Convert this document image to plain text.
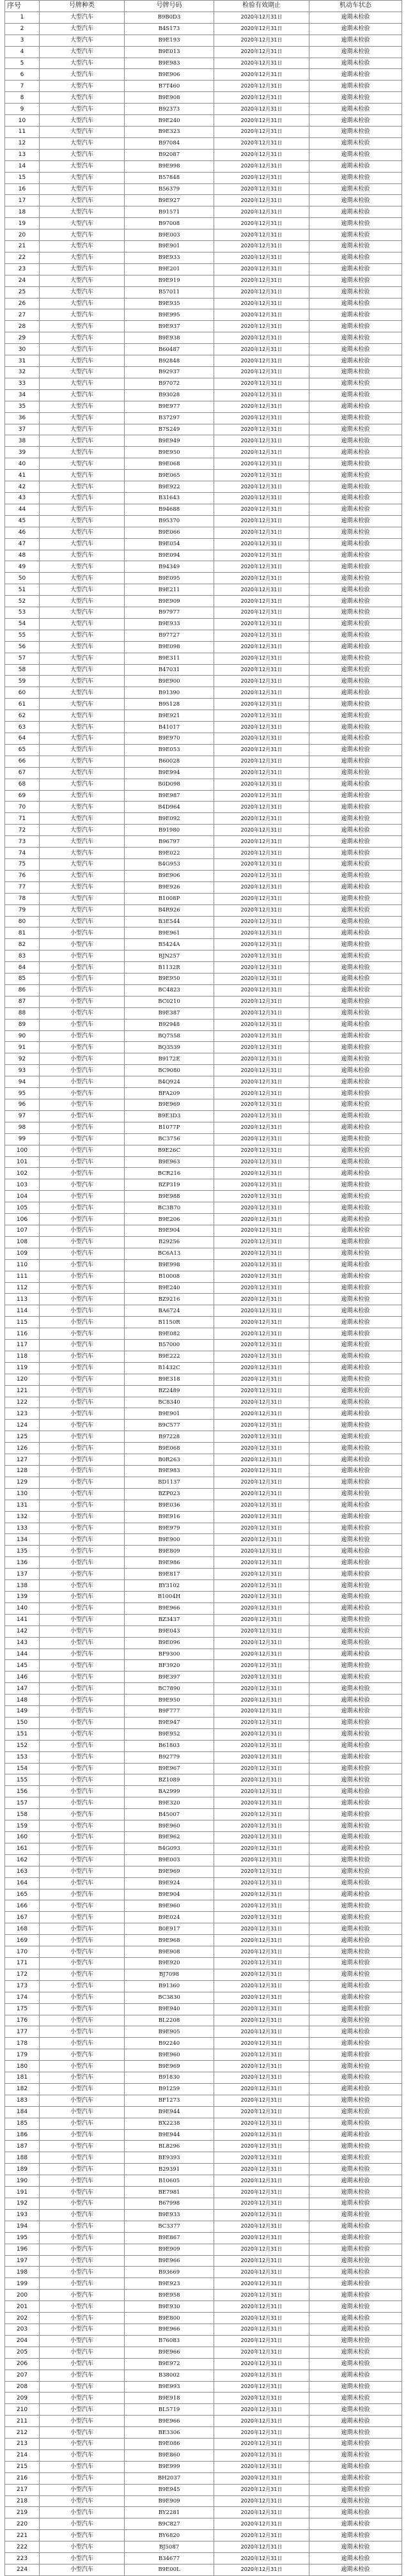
序号	号牌种类	号牌号码	检验有效期止	机动车状态
1	大型汽车	B9B0D3	2020年12月31日	逾期未检验
2	大型汽车	B4S173	2020年12月31日	逾期未检验
3	大型汽车	B9E193	2020年12月31日	逾期未检验
4	大型汽车	B9E013	2020年12月31日	逾期未检验
5	大型汽车	B9E983	2020年12月31日	逾期未检验
6	大型汽车	B9E906	2020年12月31日	逾期未检验
7	大型汽车	B7T460	2020年12月31日	逾期未检验
8	大型汽车	B9E908	2020年12月31日	逾期未检验
9	大型汽车	B92373	2020年12月31日	逾期未检验
10	大型汽车	B9E240	2020年12月31日	逾期未检验
11	大型汽车	B9E323	2020年12月31日	逾期未检验
12	大型汽车	B97084	2020年12月31日	逾期未检验
13	大型汽车	B92087	2020年12月31日	逾期未检验
14	大型汽车	B9E998	2020年12月31日	逾期未检验
15	大型汽车	B57848	2020年12月31日	逾期未检验
16	大型汽车	B56379	2020年12月31日	逾期未检验
17	大型汽车	B9E927	2020年12月31日	逾期未检验
18	大型汽车	B91571	2020年12月31日	逾期未检验
19	大型汽车	B97008	2020年12月31日	逾期未检验
20	大型汽车	B9E003	2020年12月31日	逾期未检验
21	大型汽车	B9E901	2020年12月31日	逾期未检验
22	大型汽车	B9E933	2020年12月31日	逾期未检验
23	大型汽车	B9E201	2020年12月31日	逾期未检验
24	大型汽车	B9E919	2020年12月31日	逾期未检验
25	大型汽车	B57011	2020年12月31日	逾期未检验
26	大型汽车	B9E935	2020年12月31日	逾期未检验
27	大型汽车	B9E995	2020年12月31日	逾期未检验
28	大型汽车	B9E937	2020年12月31日	逾期未检验
29	大型汽车	B9E938	2020年12月31日	逾期未检验
30	大型汽车	B60487	2020年12月31日	逾期未检验
31	大型汽车	B92848	2020年12月31日	逾期未检验
32	大型汽车	B92937	2020年12月31日	逾期未检验
33	大型汽车	B97072	2020年12月31日	逾期未检验
34	大型汽车	B93028	2020年12月31日	逾期未检验
35	大型汽车	B9E977	2020年12月31日	逾期未检验
36	大型汽车	B37297	2020年12月31日	逾期未检验
37	大型汽车	B7S249	2020年12月31日	逾期未检验
38	大型汽车	B9E949	2020年12月31日	逾期未检验
39	大型汽车	B9E950	2020年12月31日	逾期未检验
40	大型汽车	B9E068	2020年12月31日	逾期未检验
41	大型汽车	B9E065	2020年12月31日	逾期未检验
42	大型汽车	B9E922	2020年12月31日	逾期未检验
43	大型汽车	B31643	2020年12月31日	逾期未检验
44	大型汽车	B94688	2020年12月31日	逾期未检验
45	大型汽车	B95370	2020年12月31日	逾期未检验
46	大型汽车	B9E066	2020年12月31日	逾期未检验
47	大型汽车	B9E054	2020年12月31日	逾期未检验
48	大型汽车	B9E094	2020年12月31日	逾期未检验
49	大型汽车	B94349	2020年12月31日	逾期未检验
50	大型汽车	B9E095	2020年12月31日	逾期未检验
51	大型汽车	B9E211	2020年12月31日	逾期未检验
52	大型汽车	B9E909	2020年12月31日	逾期未检验
53	大型汽车	B97977	2020年12月31日	逾期未检验
54	大型汽车	B9E933	2020年12月31日	逾期未检验
55	大型汽车	B97727	2020年12月31日	逾期未检验
56	大型汽车	B9E098	2020年12月31日	逾期未检验
57	大型汽车	B9E311	2020年12月31日	逾期未检验
58	大型汽车	B47031	2020年12月31日	逾期未检验
59	大型汽车	B9E900	2020年12月31日	逾期未检验
60	大型汽车	B91390	2020年12月31日	逾期未检验
61	大型汽车	B95128	2020年12月31日	逾期未检验
62	大型汽车	B9E921	2020年12月31日	逾期未检验
63	大型汽车	B41017	2020年12月31日	逾期未检验
64	大型汽车	B9E970	2020年12月31日	逾期未检验
65	大型汽车	B9E053	2020年12月31日	逾期未检验
66	大型汽车	B60028	2020年12月31日	逾期未检验
67	大型汽车	B9E994	2020年12月31日	逾期未检验
68	大型汽车	B0D098	2020年12月31日	逾期未检验
69	大型汽车	B9E987	2020年12月31日	逾期未检验
70	大型汽车	B4D964	2020年12月31日	逾期未检验
71	大型汽车	B9E092	2020年12月31日	逾期未检验
72	大型汽车	B91980	2020年12月31日	逾期未检验
73	大型汽车	B96797	2020年12月31日	逾期未检验
74	大型汽车	B9E022	2020年12月31日	逾期未检验
75	大型汽车	B4G953	2020年12月31日	逾期未检验
76	大型汽车	B9E906	2020年12月31日	逾期未检验
77	大型汽车	B9E926	2020年12月31日	逾期未检验
78	大型汽车	B1008P	2020年12月31日	逾期未检验
79	大型汽车	B4R926	2020年12月31日	逾期未检验
80	大型汽车	B3E544	2020年12月31日	逾期未检验
81	小型汽车	B9E961	2020年12月31日	逾期未检验
82	小型汽车	B5424A	2020年12月31日	逾期未检验
83	小型汽车	BJN257	2020年12月31日	逾期未检验
84	小型汽车	B1132R	2020年12月31日	逾期未检验
85	小型汽车	B9E950	2020年12月31日	逾期未检验
86	小型汽车	BC4823	2020年12月31日	逾期未检验
87	小型汽车	BC0210	2020年12月31日	逾期未检验
88	小型汽车	B9E387	2020年12月31日	逾期未检验
89	小型汽车	B92948	2020年12月31日	逾期未检验
90	小型汽车	BQ7558	2020年12月31日	逾期未检验
91	小型汽车	BQ3539	2020年12月31日	逾期未检验
92	小型汽车	B9172E	2020年12月31日	逾期未检验
93	小型汽车	BC9080	2020年12月31日	逾期未检验
94	小型汽车	B4Q924	2020年12月31日	逾期未检验
95	小型汽车	BFA209	2020年12月31日	逾期未检验
96	小型汽车	B9E969	2020年12月31日	逾期未检验
97	小型汽车	B9E3D3	2020年12月31日	逾期未检验
98	小型汽车	B1077P	2020年12月31日	逾期未检验
99	小型汽车	BC3756	2020年12月31日	逾期未检验
100	小型汽车	B9E26C	2020年12月31日	逾期未检验
101	小型汽车	B9E963	2020年12月31日	逾期未检验
102	小型汽车	BCR216	2020年12月31日	逾期未检验
103	小型汽车	BZP319	2020年12月31日	逾期未检验
104	小型汽车	B9E988	2020年12月31日	逾期未检验
105	小型汽车	BC3B70	2020年12月31日	逾期未检验
106	小型汽车	B9E206	2020年12月31日	逾期未检验
107	小型汽车	B9E904	2020年12月31日	逾期未检验
108	小型汽车	B29256	2020年12月31日	逾期未检验
109	小型汽车	BC6A13	2020年12月31日	逾期未检验
110	小型汽车	B9E998	2020年12月31日	逾期未检验
111	小型汽车	B10008	2020年12月31日	逾期未检验
112	小型汽车	B9E240	2020年12月31日	逾期未检验
113	小型汽车	BZ9216	2020年12月31日	逾期未检验
114	小型汽车	BA6724	2020年12月31日	逾期未检验
115	小型汽车	B1150R	2020年12月31日	逾期未检验
116	小型汽车	B9E082	2020年12月31日	逾期未检验
117	小型汽车	B57000	2020年12月31日	逾期未检验
118	小型汽车	B9E222	2020年12月31日	逾期未检验
119	小型汽车	B1432C	2020年12月31日	逾期未检验
120	小型汽车	B9E318	2020年12月31日	逾期未检验
121	小型汽车	BZ2489	2020年12月31日	逾期未检验
122	小型汽车	BC8340	2020年12月31日	逾期未检验
123	小型汽车	B9E901	2020年12月31日	逾期未检验
124	小型汽车	B9C577	2020年12月31日	逾期未检验
125	小型汽车	B97228	2020年12月31日	逾期未检验
126	小型汽车	B9E068	2020年12月31日	逾期未检验
127	小型汽车	B0R263	2020年12月31日	逾期未检验
128	小型汽车	B9E983	2020年12月31日	逾期未检验
129	小型汽车	BD1137	2020年12月31日	逾期未检验
130	小型汽车	BZP023	2020年12月31日	逾期未检验
131	小型汽车	B9E036	2020年12月31日	逾期未检验
132	小型汽车	B9E916	2020年12月31日	逾期未检验
133	小型汽车	B9E979	2020年12月31日	逾期未检验
134	小型汽车	B9E900	2020年12月31日	逾期未检验
135	小型汽车	B9E809	2020年12月31日	逾期未检验
136	小型汽车	B9E986	2020年12月31日	逾期未检验
137	小型汽车	B9E817	2020年12月31日	逾期未检验
138	小型汽车	BY3102	2020年12月31日	逾期未检验
139	小型汽车	B1004H	2020年12月31日	逾期未检验
140	小型汽车	B9E966	2020年12月31日	逾期未检验
141	小型汽车	BZ3437	2020年12月31日	逾期未检验
142	小型汽车	B9E043	2020年12月31日	逾期未检验
143	小型汽车	B9E096	2020年12月31日	逾期未检验
144	小型汽车	BF9300	2020年12月31日	逾期未检验
145	小型汽车	BF3920	2020年12月31日	逾期未检验
146	小型汽车	B9E397	2020年12月31日	逾期未检验
147	小型汽车	BC7890	2020年12月31日	逾期未检验
148	小型汽车	B9E950	2020年12月31日	逾期未检验
149	小型汽车	B9F777	2020年12月31日	逾期未检验
150	小型汽车	B9E947	2020年12月31日	逾期未检验
151	小型汽车	B9E952	2020年12月31日	逾期未检验
152	小型汽车	B61803	2020年12月31日	逾期未检验
153	小型汽车	B92779	2020年12月31日	逾期未检验
154	小型汽车	B9E967	2020年12月31日	逾期未检验
155	小型汽车	BZ1089	2020年12月31日	逾期未检验
156	小型汽车	BA2999	2020年12月31日	逾期未检验
157	小型汽车	B9E320	2020年12月31日	逾期未检验
158	小型汽车	B45007	2020年12月31日	逾期未检验
159	小型汽车	B9E960	2020年12月31日	逾期未检验
160	小型汽车	B9E962	2020年12月31日	逾期未检验
161	小型汽车	B4G093	2020年12月31日	逾期未检验
162	小型汽车	B9E003	2020年12月31日	逾期未检验
163	小型汽车	B9E969	2020年12月31日	逾期未检验
164	小型汽车	B9E924	2020年12月31日	逾期未检验
165	小型汽车	B9E904	2020年12月31日	逾期未检验
166	小型汽车	B9E960	2020年12月31日	逾期未检验
167	小型汽车	B9E024	2020年12月31日	逾期未检验
168	小型汽车	B0E917	2020年12月31日	逾期未检验
169	小型汽车	B9E968	2020年12月31日	逾期未检验
170	小型汽车	B9E908	2020年12月31日	逾期未检验
171	小型汽车	B9E920	2020年12月31日	逾期未检验
172	小型汽车	BJ7098	2020年12月31日	逾期未检验
173	小型汽车	B91360	2020年12月31日	逾期未检验
174	小型汽车	BC3830	2020年12月31日	逾期未检验
175	小型汽车	B9E940	2020年12月31日	逾期未检验
176	小型汽车	BL2208	2020年12月31日	逾期未检验
177	小型汽车	B9E905	2020年12月31日	逾期未检验
178	小型汽车	B92240	2020年12月31日	逾期未检验
179	小型汽车	B9E960	2020年12月31日	逾期未检验
180	小型汽车	B9E969	2020年12月31日	逾期未检验
181	小型汽车	B91830	2020年12月31日	逾期未检验
182	小型汽车	B91259	2020年12月31日	逾期未检验
183	小型汽车	BF1273	2020年12月31日	逾期未检验
184	小型汽车	B9E944	2020年12月31日	逾期未检验
185	小型汽车	BX2238	2020年12月31日	逾期未检验
186	小型汽车	B9E944	2020年12月31日	逾期未检验
187	小型汽车	BL8296	2020年12月31日	逾期未检验
188	小型汽车	BE9393	2020年12月31日	逾期未检验
189	小型汽车	B29391	2020年12月31日	逾期未检验
190	小型汽车	B10605	2020年12月31日	逾期未检验
191	小型汽车	BE7981	2020年12月31日	逾期未检验
192	小型汽车	B67998	2020年12月31日	逾期未检验
193	小型汽车	B9E933	2020年12月31日	逾期未检验
194	小型汽车	BC3377	2020年12月31日	逾期未检验
195	小型汽车	B9E867	2020年12月31日	逾期未检验
196	小型汽车	B9E909	2020年12月31日	逾期未检验
197	小型汽车	B9E966	2020年12月31日	逾期未检验
198	小型汽车	B93669	2020年12月31日	逾期未检验
199	小型汽车	B9E923	2020年12月31日	逾期未检验
200	小型汽车	B9E958	2020年12月31日	逾期未检验
201	小型汽车	B9E930	2020年12月31日	逾期未检验
202	小型汽车	B9E800	2020年12月31日	逾期未检验
203	小型汽车	B9E966	2020年12月31日	逾期未检验
204	小型汽车	B76083	2020年12月31日	逾期未检验
205	小型汽车	B9E966	2020年12月31日	逾期未检验
206	小型汽车	B9E972	2020年12月31日	逾期未检验
207	小型汽车	B38002	2020年12月31日	逾期未检验
208	小型汽车	B9E993	2020年12月31日	逾期未检验
209	小型汽车	B9E918	2020年12月31日	逾期未检验
210	小型汽车	BL5719	2020年12月31日	逾期未检验
211	小型汽车	B9E966	2020年12月31日	逾期未检验
212	小型汽车	BE3306	2020年12月31日	逾期未检验
213	小型汽车	B9E086	2020年12月31日	逾期未检验
214	小型汽车	B9E860	2020年12月31日	逾期未检验
215	小型汽车	B9E999	2020年12月31日	逾期未检验
216	小型汽车	BH2037	2020年12月31日	逾期未检验
217	小型汽车	B9E945	2020年12月31日	逾期未检验
218	小型汽车	B9E909	2020年12月31日	逾期未检验
219	小型汽车	BY2281	2020年12月31日	逾期未检验
220	小型汽车	B9C827	2020年12月31日	逾期未检验
221	小型汽车	BY6820	2020年12月31日	逾期未检验
222	小型汽车	BJ5087	2020年12月31日	逾期未检验
223	小型汽车	B34677	2020年12月31日	逾期未检验
224	小型汽车	B9E00L	2020年12月31日	逾期未检验
